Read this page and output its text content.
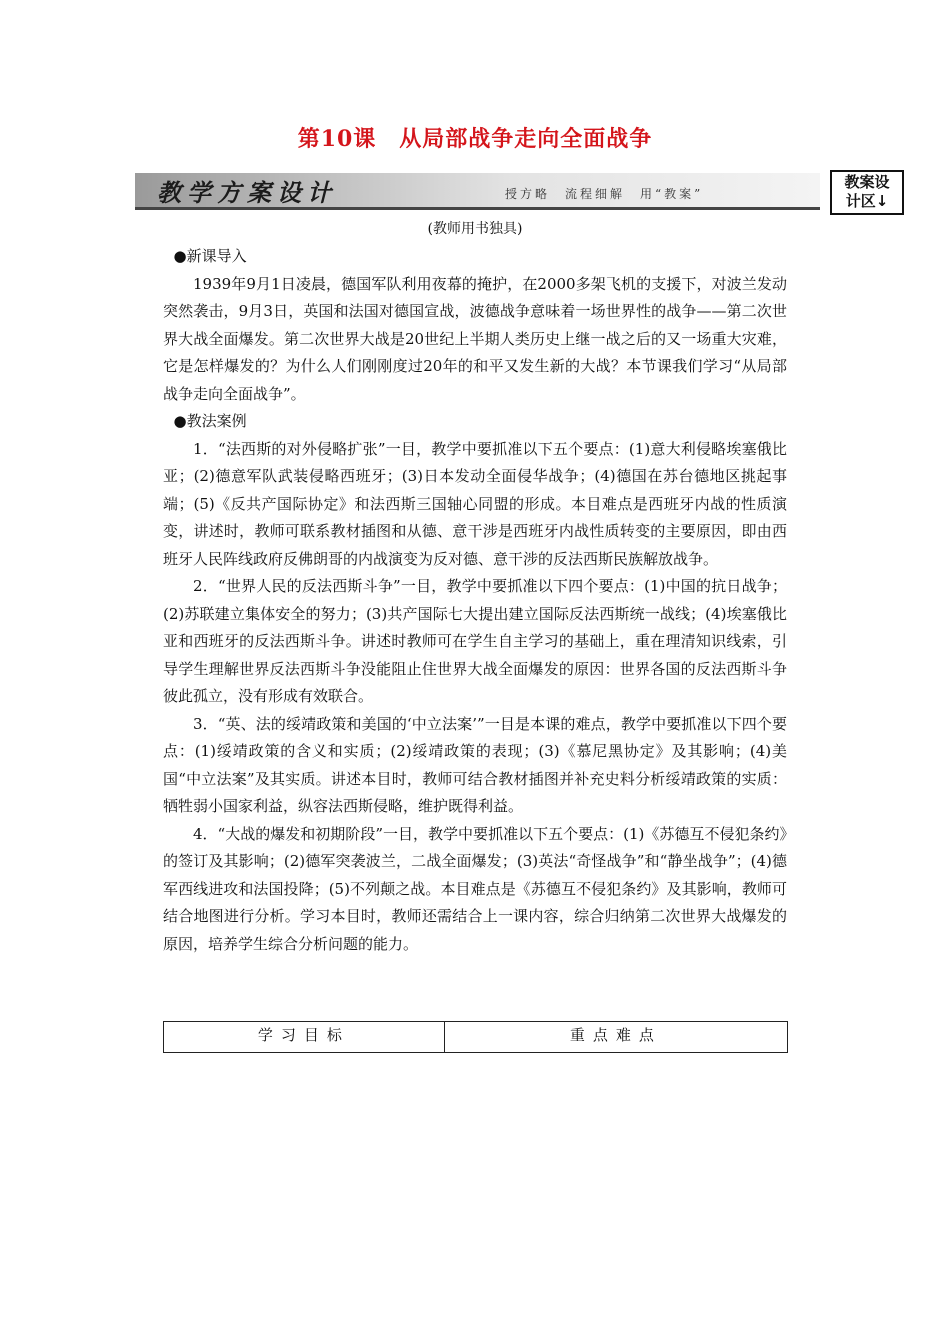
第10课　从局部战争走向全面战争
教学方案设计	授方略　流程细解　用“教案”
教案设
计区↓
(教师用书独具)

●新课导入

1939年9月1日凌晨，德国军队利用夜幕的掩护，在2000多架飞机的支援下，对波兰发动突然袭击，9月3日，英国和法国对德国宣战，波德战争意味着一场世界性的战争——第二次世界大战全面爆发。第二次世界大战是20世纪上半期人类历史上继一战之后的又一场重大灾难，它是怎样爆发的？为什么人们刚刚度过20年的和平又发生新的大战？本节课我们学习“从局部战争走向全面战争”。

●教法案例

1．“法西斯的对外侵略扩张”一目，教学中要抓准以下五个要点：(1)意大利侵略埃塞俄比亚；(2)德意军队武装侵略西班牙；(3)日本发动全面侵华战争；(4)德国在苏台德地区挑起事端；(5)《反共产国际协定》和法西斯三国轴心同盟的形成。本目难点是西班牙内战的性质演变，讲述时，教师可联系教材插图和从德、意干涉是西班牙内战性质转变的主要原因，即由西班牙人民阵线政府反佛朗哥的内战演变为反对德、意干涉的反法西斯民族解放战争。

2．“世界人民的反法西斯斗争”一目，教学中要抓准以下四个要点：(1)中国的抗日战争；(2)苏联建立集体安全的努力；(3)共产国际七大提出建立国际反法西斯统一战线；(4)埃塞俄比亚和西班牙的反法西斯斗争。讲述时教师可在学生自主学习的基础上，重在理清知识线索，引导学生理解世界反法西斯斗争没能阻止住世界大战全面爆发的原因：世界各国的反法西斯斗争彼此孤立，没有形成有效联合。

3．“英、法的绥靖政策和美国的‘中立法案’”一目是本课的难点，教学中要抓准以下四个要点：(1)绥靖政策的含义和实质；(2)绥靖政策的表现；(3)《慕尼黑协定》及其影响；(4)美国“中立法案”及其实质。讲述本目时，教师可结合教材插图并补充史料分析绥靖政策的实质：牺牲弱小国家利益，纵容法西斯侵略，维护既得利益。

4．“大战的爆发和初期阶段”一目，教学中要抓准以下五个要点：(1)《苏德互不侵犯条约》的签订及其影响；(2)德军突袭波兰，二战全面爆发；(3)英法“奇怪战争”和“静坐战争”；(4)德军西线进攻和法国投降；(5)不列颠之战。本目难点是《苏德互不侵犯条约》及其影响，教师可结合地图进行分析。学习本目时，教师还需结合上一课内容，综合归纳第二次世界大战爆发的原因，培养学生综合分析问题的能力。

学习目标	重点难点
